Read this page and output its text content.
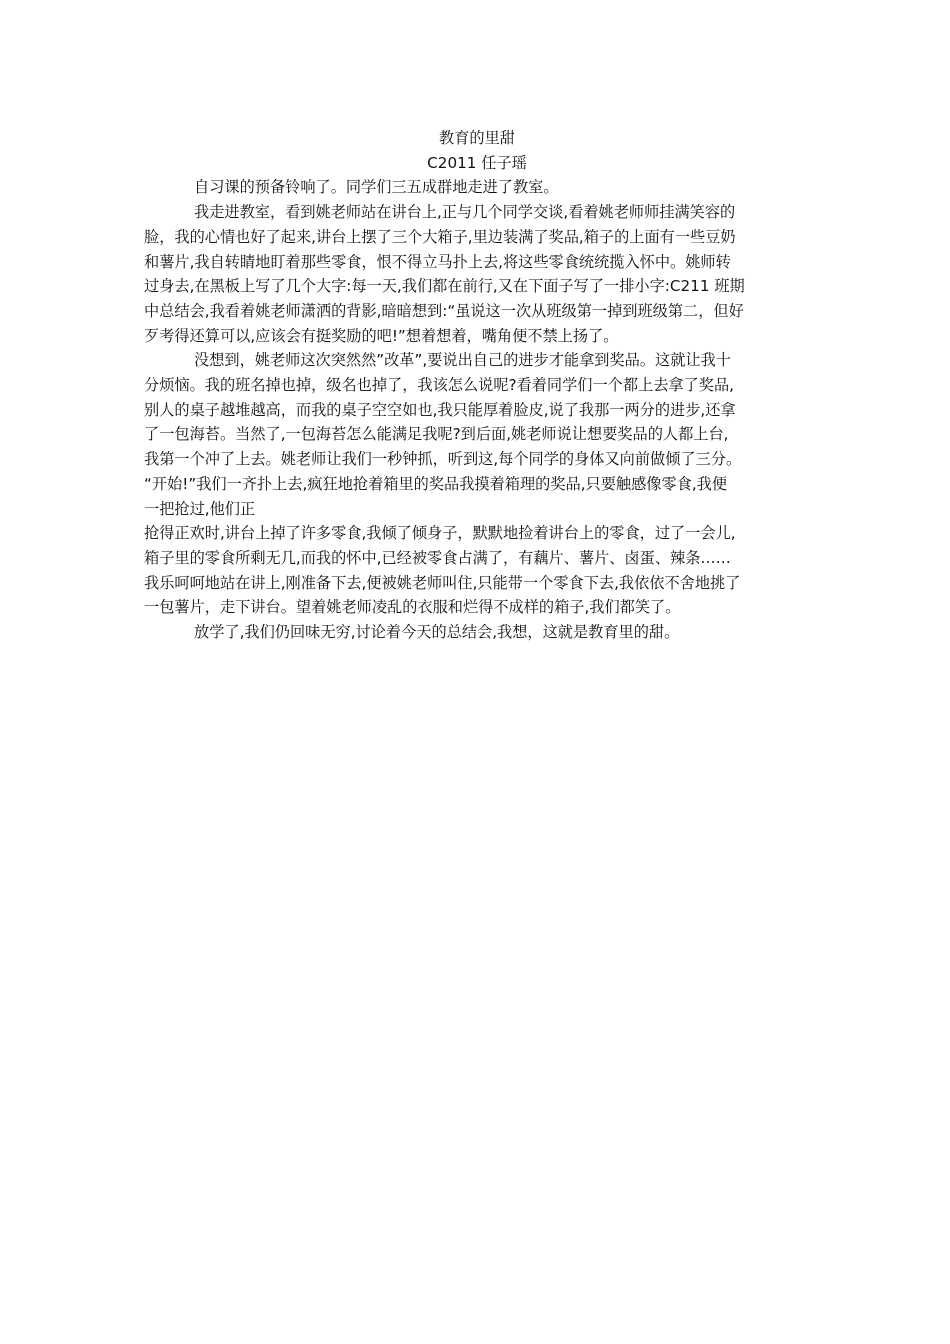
教育的里甜
C2011 任子瑶
自习课的预备铃响了。同学们三五成群地走进了教室。
我走进教室，看到姚老师站在讲台上,正与几个同学交谈,看着姚老师师挂满笑容的
脸，我的心情也好了起来,讲台上摆了三个大箱子,里边装满了奖品,箱子的上面有一些豆奶
和薯片,我自转睛地盯着那些零食，恨不得立马扑上去,将这些零食统统揽入怀中。姚师转
过身去,在黑板上写了几个大字:每一天,我们都在前行,又在下面子写了一排小字:C211 班期
中总结会,我看着姚老师潇洒的背影,暗暗想到:“虽说这一次从班级第一掉到班级第二，但好
歹考得还算可以,应该会有挺奖励的吧!”想着想着，嘴角便不禁上扬了。
没想到，姚老师这次突然然”改革”,要说出自己的进步才能拿到奖品。这就让我十
分烦恼。我的班名掉也掉，级名也掉了，我该怎么说呢?看着同学们一个都上去拿了奖品,
别人的桌子越堆越高，而我的桌子空空如也,我只能厚着脸皮,说了我那一两分的进步,还拿
了一包海苔。当然了,一包海苔怎么能满足我呢?到后面,姚老师说让想要奖品的人都上台,
我第一个冲了上去。姚老师让我们一秒钟抓，听到这,每个同学的身体又向前做倾了三分。
“开始!”我们一齐扑上去,疯狂地抢着箱里的奖品我摸着箱理的奖品,只要触感像零食,我便
一把抢过,他们正
抢得正欢时,讲台上掉了许多零食,我倾了倾身子，默默地捡着讲台上的零食，过了一会儿,
箱子里的零食所剩无几,而我的怀中,已经被零食占满了，有藕片、薯片、卤蛋、辣条……
我乐呵呵地站在讲上,刚准备下去,便被姚老师叫住,只能带一个零食下去,我依依不舍地挑了
一包薯片，走下讲台。望着姚老师凌乱的衣服和烂得不成样的箱子,我们都笑了。
放学了,我们仍回味无穷,讨论着今天的总结会,我想，这就是教育里的甜。
